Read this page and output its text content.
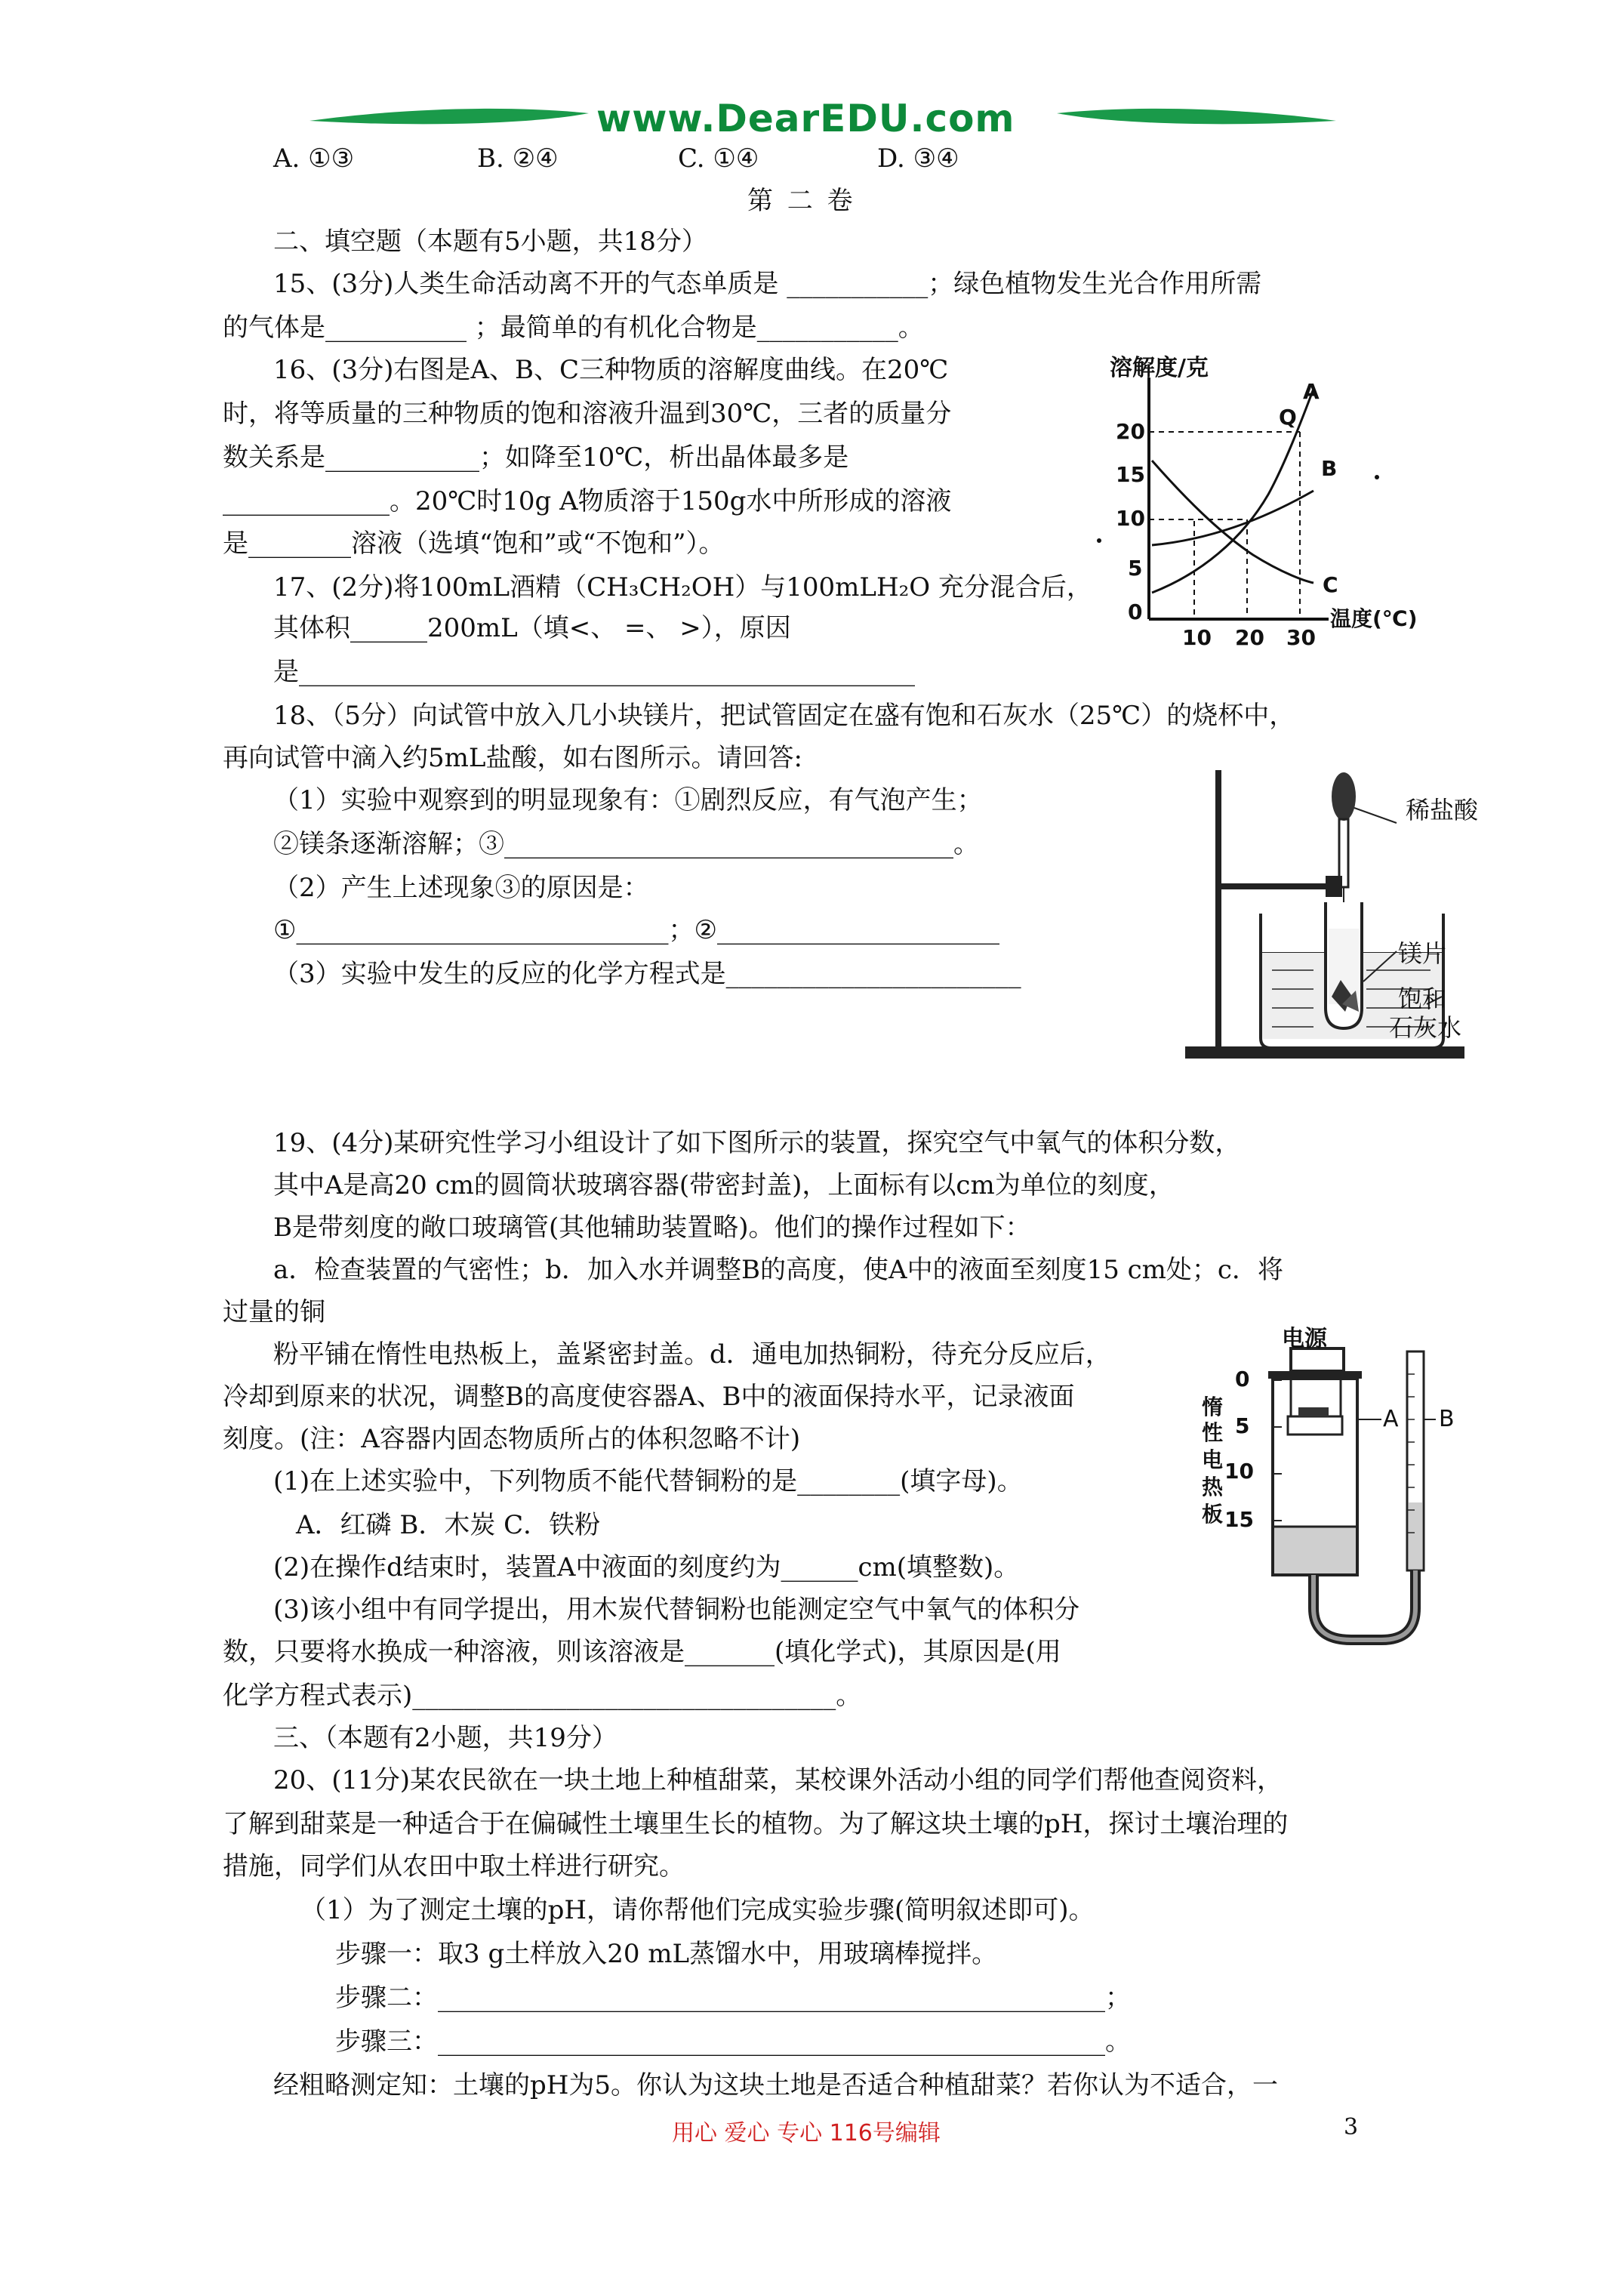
www.DearEDU.com
A. ①③	B. ②④	C. ①④	D. ③④
第 二 卷
二、填空题（本题有5小题，共18分）
15、(3分)人类生命活动离不开的气态单质是 ___________；绿色植物发生光合作用所需
的气体是___________ ；最简单的有机化合物是___________。
16、(3分)右图是A、B、C三种物质的溶解度曲线。在20℃
时，将等质量的三种物质的饱和溶液升温到30℃，三者的质量分
数关系是____________；如降至10℃，析出晶体最多是
_____________。20℃时10g A物质溶于150g水中所形成的溶液
是________溶液（选填“饱和”或“不饱和”）。
17、(2分)将100mL酒精（CH₃CH₂OH）与100mLH₂O 充分混合后，
其体积______200mL（填<、 =、 >），原因
是________________________________________________
溶解度/克
20
15
10
5
0
10 20 30
温度(℃)
A
Q
B
C
18、（5分）向试管中放入几小块镁片，把试管固定在盛有饱和石灰水（25℃）的烧杯中，
再向试管中滴入约5mL盐酸，如右图所示。请回答:
（1）实验中观察到的明显现象有：①剧烈反应，有气泡产生；
②镁条逐渐溶解；③___________________________________。
（2）产生上述现象③的原因是：
①_____________________________；②______________________
（3）实验中发生的反应的化学方程式是_______________________
稀盐酸
镁片
饱和
石灰水
19、(4分)某研究性学习小组设计了如下图所示的装置，探究空气中氧气的体积分数，
其中A是高20 cm的圆筒状玻璃容器(带密封盖)，上面标有以cm为单位的刻度，
B是带刻度的敞口玻璃管(其他辅助装置略)。他们的操作过程如下：
a．检查装置的气密性；b．加入水并调整B的高度，使A中的液面至刻度15 cm处；c．将
过量的铜
粉平铺在惰性电热板上，盖紧密封盖。d．通电加热铜粉，待充分反应后，
冷却到原来的状况，调整B的高度使容器A、B中的液面保持水平，记录液面
刻度。(注：A容器内固态物质所占的体积忽略不计)
(1)在上述实验中，下列物质不能代替铜粉的是________(填字母)。
A．红磷 B．木炭 C．铁粉
(2)在操作d结束时，装置A中液面的刻度约为______cm(填整数)。
(3)该小组中有同学提出，用木炭代替铜粉也能测定空气中氧气的体积分
数，只要将水换成一种溶液，则该溶液是_______(填化学式)，其原因是(用
化学方程式表示)_________________________________。
电源
0
5
10
15
惰
性
电
热
板
A B
三、（本题有2小题，共19分）
20、(11分)某农民欲在一块土地上种植甜菜，某校课外活动小组的同学们帮他查阅资料，
了解到甜菜是一种适合于在偏碱性土壤里生长的植物。为了解这块土壤的pH，探讨土壤治理的
措施，同学们从农田中取土样进行研究。
（1）为了测定土壤的pH，请你帮他们完成实验步骤(简明叙述即可)。
步骤一：取3 g土样放入20 mL蒸馏水中，用玻璃棒搅拌。
步骤二：____________________________________________________；
步骤三：____________________________________________________。
经粗略测定知：土壤的pH为5。你认为这块土地是否适合种植甜菜？若你认为不适合，一
用心 爱心 专心 116号编辑	3
